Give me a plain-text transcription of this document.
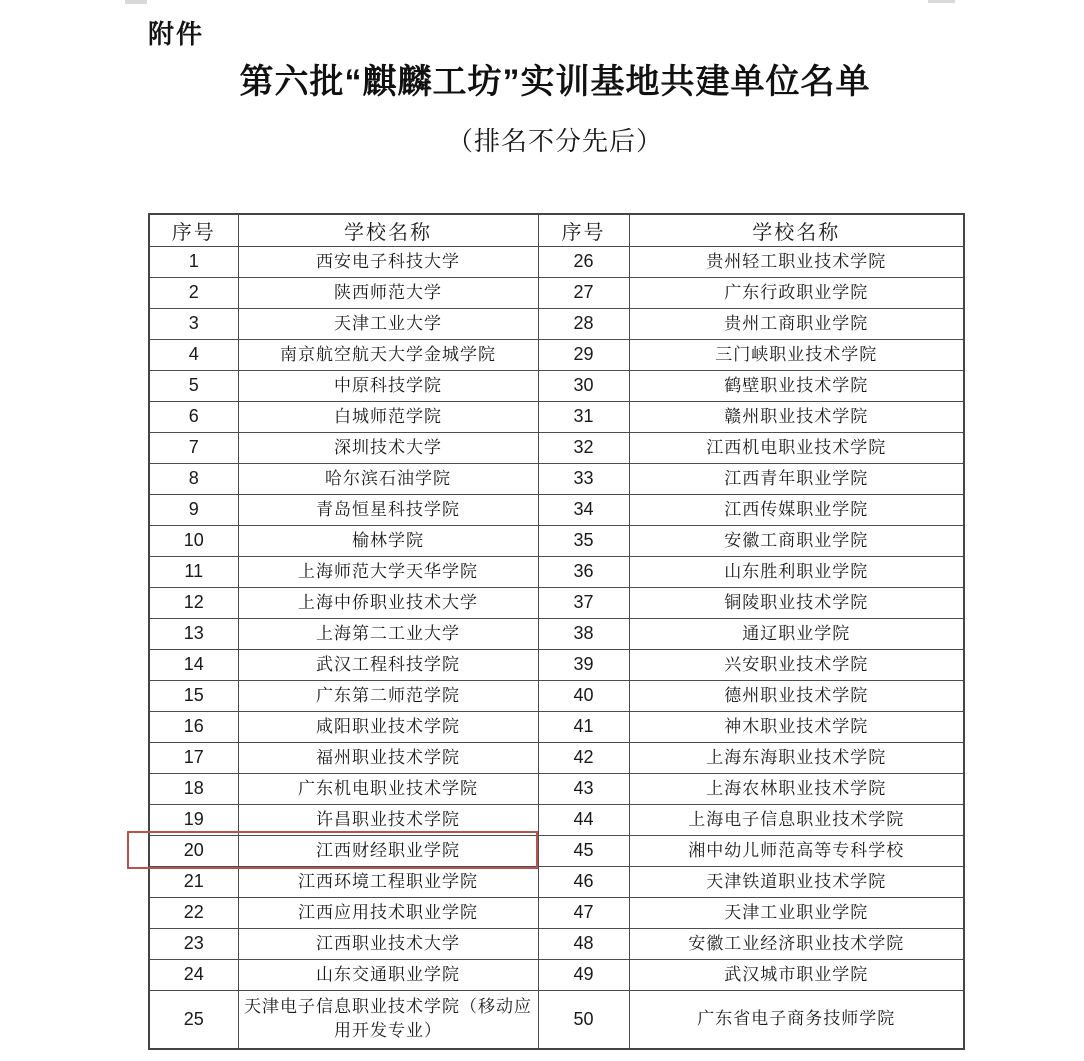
附件
第六批“麒麟工坊”实训基地共建单位名单
（排名不分先后）
序号	学校名称	序号	学校名称
1	西安电子科技大学	26	贵州轻工职业技术学院
2	陕西师范大学	27	广东行政职业学院
3	天津工业大学	28	贵州工商职业学院
4	南京航空航天大学金城学院	29	三门峡职业技术学院
5	中原科技学院	30	鹤壁职业技术学院
6	白城师范学院	31	赣州职业技术学院
7	深圳技术大学	32	江西机电职业技术学院
8	哈尔滨石油学院	33	江西青年职业学院
9	青岛恒星科技学院	34	江西传媒职业学院
10	榆林学院	35	安徽工商职业学院
11	上海师范大学天华学院	36	山东胜利职业学院
12	上海中侨职业技术大学	37	铜陵职业技术学院
13	上海第二工业大学	38	通辽职业学院
14	武汉工程科技学院	39	兴安职业技术学院
15	广东第二师范学院	40	德州职业技术学院
16	咸阳职业技术学院	41	神木职业技术学院
17	福州职业技术学院	42	上海东海职业技术学院
18	广东机电职业技术学院	43	上海农林职业技术学院
19	许昌职业技术学院	44	上海电子信息职业技术学院
20	江西财经职业学院	45	湘中幼儿师范高等专科学校
21	江西环境工程职业学院	46	天津铁道职业技术学院
22	江西应用技术职业学院	47	天津工业职业学院
23	江西职业技术大学	48	安徽工业经济职业技术学院
24	山东交通职业学院	49	武汉城市职业学院
25	天津电子信息职业技术学院（移动应用开发专业）	50	广东省电子商务技师学院
